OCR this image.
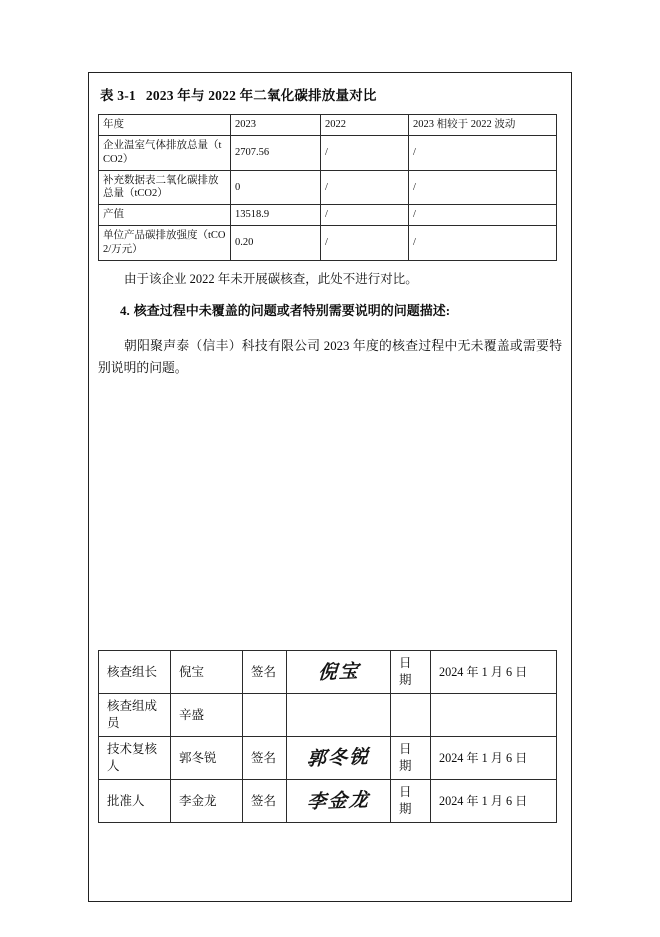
表 3-1 2023 年与 2022 年二氧化碳排放量对比
年度	2023	2022	2023 相较于 2022 波动
企业温室气体排放总量（tCO2）	2707.56	/	/
补充数据表二氧化碳排放总量（tCO2）	0	/	/
产值	13518.9	/	/
单位产品碳排放强度（tCO2/万元）	0.20	/	/

由于该企业 2022 年未开展碳核查，此处不进行对比。

4. 核查过程中未覆盖的问题或者特别需要说明的问题描述:

朝阳聚声泰（信丰）科技有限公司 2023 年度的核查过程中无未覆盖或需要特别说明的问题。

核查组长	倪宝	签名	倪宝	日期	2024 年 1 月 6 日
核查组成员	辛盛				
技术复核人	郭冬锐	签名	郭冬锐	日期	2024 年 1 月 6 日
批准人	李金龙	签名	李金龙	日期	2024 年 1 月 6 日
